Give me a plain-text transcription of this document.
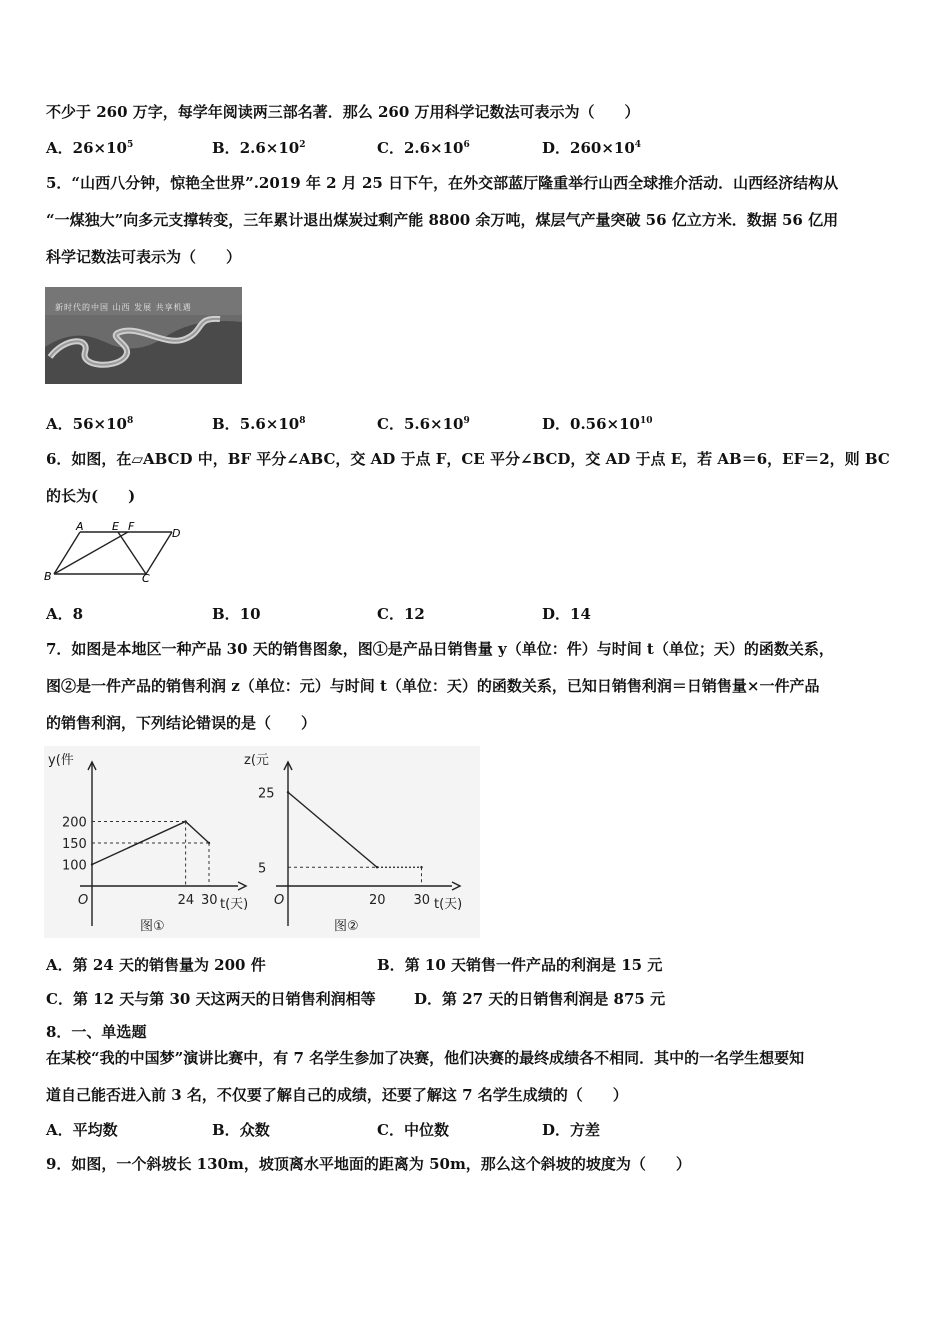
不少于 260 万字，每学年阅读两三部名著．那么 260 万用科学记数法可表示为（　　）
A．$26\times 10^5$	B．$2.6\times 10^2$	C．$2.6\times 10^6$	D．$260\times 10^4$
5．“山西八分钟，惊艳全世界”.2019 年 2 月 25 日下午，在外交部蓝厅隆重举行山西全球推介活动．山西经济结构从
“一煤独大”向多元支撑转变，三年累计退出煤炭过剩产能 8800 余万吨，煤层气产量突破 56 亿立方米．数据 56 亿用
科学记数法可表示为（　　）
新时代的中国 山西 发展 共享机遇
A．$56\times 10^8$	B．$5.6\times 10^8$	C．$5.6\times 10^9$	D．$0.56\times 10^{10}$
6．如图，在▱ABCD 中，BF 平分∠ABC，交 AD 于点 F，CE 平分∠BCD，交 AD 于点 E，若 AB＝6，EF＝2，则 BC
的长为(　　)
A	E F
D
B	C
A．8	B．10	C．12	D．14
7．如图是本地区一种产品 30 天的销售图象，图①是产品日销售量 y（单位：件）与时间 t（单位；天）的函数关系，
图②是一件产品的销售利润 z（单位：元）与时间 t（单位：天）的函数关系，已知日销售利润＝日销售量×一件产品
的销售利润，下列结论错误的是（　　）
y(件
t(天)
O
图①
24 30
200
150
100
z(元
t(天)
O
图②
20 30
25
5
A．第 24 天的销售量为 200 件	B．第 10 天销售一件产品的利润是 15 元
C．第 12 天与第 30 天这两天的日销售利润相等	D．第 27 天的日销售利润是 875 元
8．一、单选题
在某校“我的中国梦”演讲比赛中，有 7 名学生参加了决赛，他们决赛的最终成绩各不相同．其中的一名学生想要知
道自己能否进入前 3 名，不仅要了解自己的成绩，还要了解这 7 名学生成绩的（　　）
A．平均数	B．众数	C．中位数	D．方差
9．如图，一个斜坡长 130m，坡顶离水平地面的距离为 50m，那么这个斜坡的坡度为（　　）
